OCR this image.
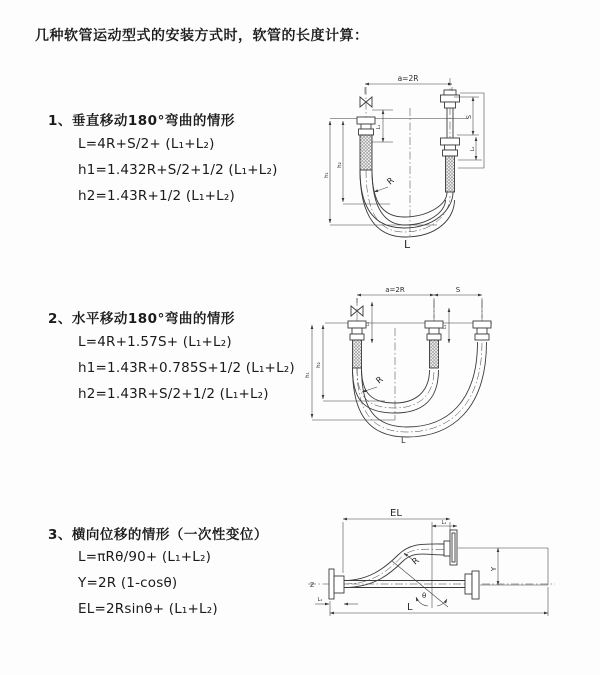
几种软管运动型式的安装方式时，软管的长度计算：
1、垂直移动180°弯曲的情形
L=4R+S/2+ (L₁+L₂)
h1=1.432R+S/2+1/2 (L₁+L₂)
h2=1.43R+1/2 (L₁+L₂)
2、水平移动180°弯曲的情形
L=4R+1.57S+ (L₁+L₂)
h1=1.43R+0.785S+1/2 (L₁+L₂)
h2=1.43R+S/2+1/2 (L₁+L₂)
3、横向位移的情形（一次性变位）
L=πRθ/90+ (L₁+L₂)
Y=2R (1-cosθ)
EL=2Rsinθ+ (L₁+L₂)
a=2R
h₁
h₂
L₁
S
L₁
R
L
a=2R	S
h₁
h₂
L₁
L₁
R
L
EL
L₁
Y
Z
R
θ
L
L₁
